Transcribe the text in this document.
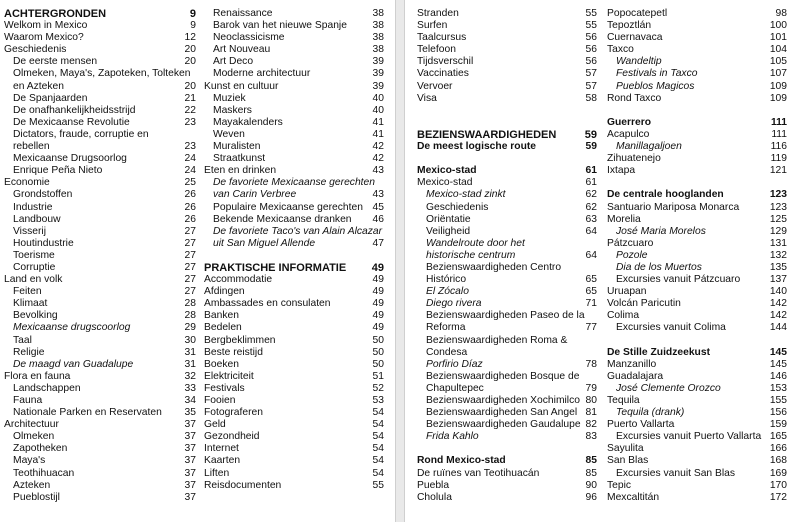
ACHTERGRONDEN	9
Welkom in Mexico	9
Waarom Mexico?	12
Geschiedenis	20
De eerste mensen	20
Olmeken, Maya's, Zapoteken, Tolteken
en Azteken	20
De Spanjaarden	21
De onafhankelijkheidsstrijd	22
De Mexicaanse Revolutie	23
Dictators, fraude, corruptie en
rebellen	23
Mexicaanse Drugsoorlog	24
Enrique Peña Nieto	24
Economie	25
Grondstoffen	26
Industrie	26
Landbouw	26
Visserij	27
Houtindustrie	27
Toerisme	27
Corruptie	27
Land en volk	27
Feiten	27
Klimaat	28
Bevolking	28
Mexicaanse drugscoorlog	29
Taal	30
Religie	31
De maagd van Guadalupe	31
Flora en fauna	32
Landschappen	33
Fauna	34
Nationale Parken en Reservaten 35
Architectuur	37
Olmeken	37
Zapotheken	37
Maya's	37
Teothihuacan	37
Azteken	37
Pueblostijl	37
Renaissance	38
Barok van het nieuwe Spanje 38
Neoclassicisme	38
Art Nouveau	38
Art Deco	39
Moderne architectuur	39
Kunst en cultuur	39
Muziek	40
Maskers	40
Mayakalenders	41
Weven	41
Muralisten	42
Straatkunst	42
Eten en drinken	43
De favoriete Mexicaanse gerechten
van Carin Verbree	43
Populaire Mexicaanse gerechten 45
Bekende Mexicaanse dranken 46
De favoriete Taco's van Alain Alcazar
uit San Miguel Allende	47
PRAKTISCHE INFORMATIE 49
Accommodatie	49
Afdingen	49
Ambassades en consulaten	49
Banken	49
Bedelen	49
Bergbeklimmen	50
Beste reistijd	50
Boeken	50
Elektriciteit	51
Festivals	52
Fooien	53
Fotograferen	54
Geld	54
Gezondheid	54
Internet	54
Kaarten	54
Liften	54
Reisdocumenten	55
Stranden	55
Surfen	55
Taalcursus	56
Telefoon	56
Tijdsverschil	56
Vaccinaties	57
Vervoer	57
Visa	58
BEZIENSWAARDIGHEDEN	59
De meest logische route	59
Mexico-stad	61
Mexico-stad	61
Mexico-stad zinkt	62
Geschiedenis	62
Oriëntatie	63
Veiligheid	64
Wandelroute door het
historische centrum	64
Bezienswaardigheden Centro
Histórico	65
El Zócalo	65
Diego rivera	71
Bezienswaardigheden Paseo de la
Reforma	77
Bezienswaardigheden Roma &
Condesa
Porfirio Díaz	78
Bezienswaardigheden Bosque de
Chapultepec	79
Bezienswaardigheden Xochimilco 80
Bezienswaardigheden San Angel 81
Bezienswaardigheden Gaudalupe 82
Frida Kahlo	83
Rond Mexico-stad	85
De ruïnes van Teotihuacán	85
Puebla	90
Cholula	96
Popocatepetl	98
Tepoztlán	100
Cuernavaca	101
Taxco	104
Wandeltip	105
Festivals in Taxco	107
Pueblos Magicos	109
Rond Taxco	109
Guerrero	111
Acapulco	111
Manillagaljoen	116
Zihuatenejo	119
Ixtapa	121
De centrale hooglanden	123
Santuario Mariposa Monarca	123
Morelia	125
José Maria Morelos	129
Pátzcuaro	131
Pozole	132
Dia de los Muertos	135
Excursies vanuit Pátzcuaro	137
Uruapan	140
Volcán Paricutin	142
Colima	142
Excursies vanuit Colima	144
De Stille Zuidzeekust	145
Manzanillo	145
Guadalajara	146
José Clemente Orozco	153
Tequila	155
Tequila (drank)	156
Puerto Vallarta	159
Excursies vanuit Puerto Vallarta 165
Sayulita	166
San Blas	168
Excursies vanuit San Blas	169
Tepic	170
Mexcaltitán	172
